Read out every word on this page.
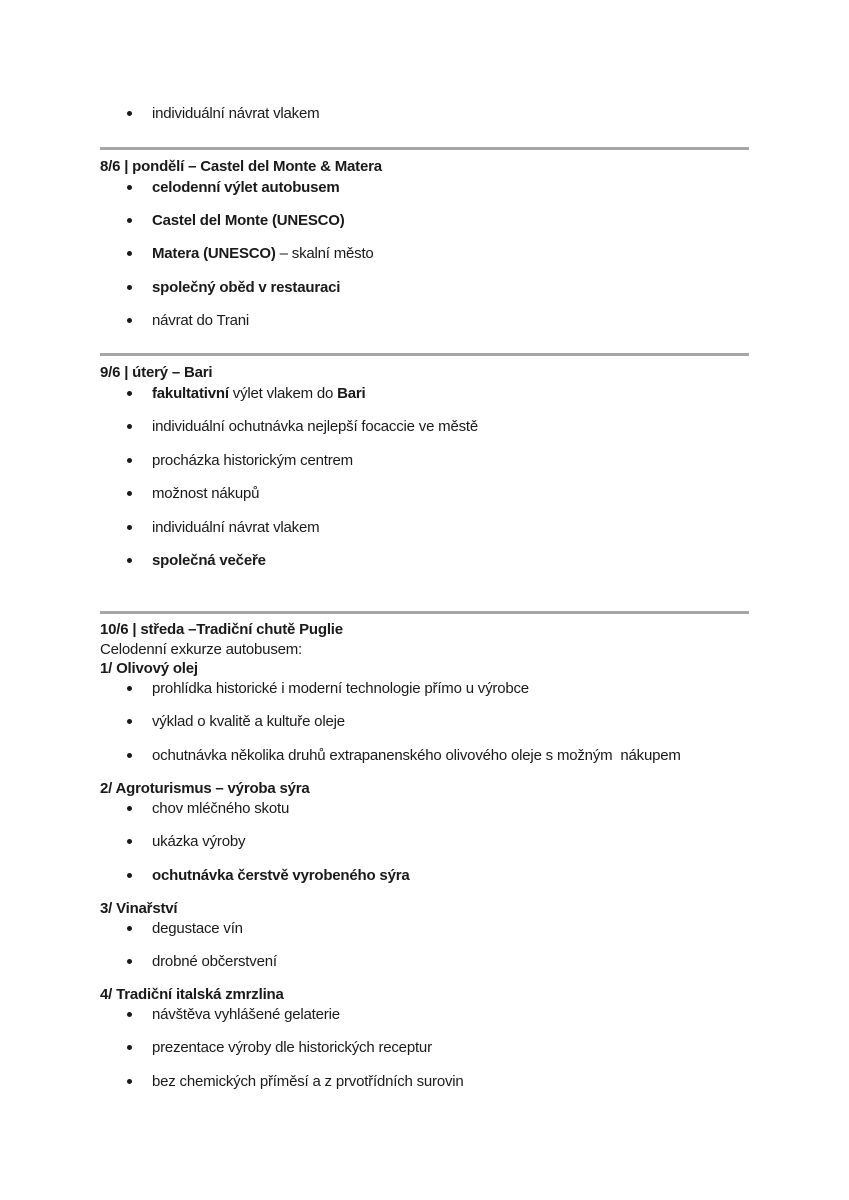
individuální návrat vlakem
8/6 | pondělí – Castel del Monte & Matera
celodenní výlet autobusem
Castel del Monte (UNESCO)
Matera (UNESCO) – skalní město
společný oběd v restauraci
návrat do Trani
9/6 | úterý – Bari
fakultativní výlet vlakem do Bari
individuální ochutnávka nejlepší focaccie ve městě
procházka historickým centrem
možnost nákupů
individuální návrat vlakem
společná večeře
10/6 | středa –Tradiční chutě Puglie
Celodenní exkurze autobusem:
1/ Olivový olej
prohlídka historické i moderní technologie přímo u výrobce
výklad o kvalitě a kultuře oleje
ochutnávka několika druhů extrapanenského olivového oleje s možným  nákupem
2/ Agroturismus – výroba sýra
chov mléčného skotu
ukázka výroby
ochutnávka čerstvě vyrobeného sýra
3/ Vinařství
degustace vín
drobné občerstvení
4/ Tradiční italská zmrzlina
návštěva vyhlášené gelaterie
prezentace výroby dle historických receptur
bez chemických příměsí a z prvotřídních surovin
